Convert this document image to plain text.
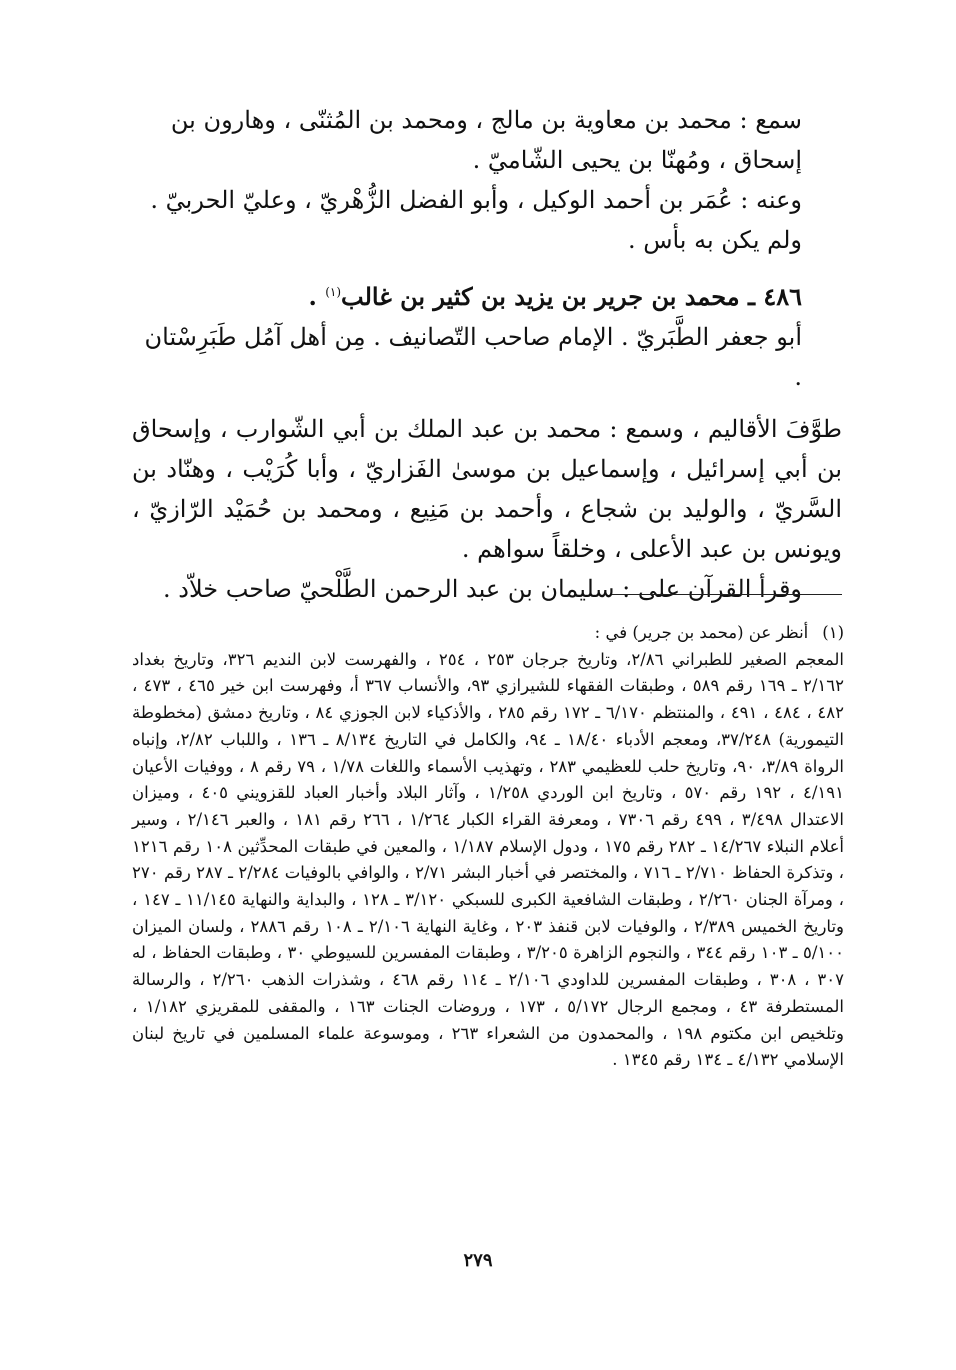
سمع : محمد بن معاوية بن مالج ، ومحمد بن المُثنّى ، وهارون بن إسحاق ، ومُهنّا بن يحيى الشّاميّ .

وعنه : عُمَر بن أحمد الوكيل ، وأبو الفضل الزُّهْريّ ، وعليّ الحربيّ .

ولم يكن به بأس .

٤٨٦ ـ محمد بن جرير بن يزيد بن كثير بن غالب$^{(١)}$ .

أبو جعفر الطَّبَريّ . الإمام صاحب التّصانيف . مِن أهل آمُل طَبَرِسْتان .

طوَّفَ الأقاليم ، وسمع : محمد بن عبد الملك بن أبي الشّوارب ، وإسحاق بن أبي إسرائيل ، وإسماعيل بن موسىٰ الفَزاريّ ، وأبا كُرَيْب ، وهنّاد بن السَّريّ ، والوليد بن شجاع ، وأحمد بن مَنِيع ، ومحمد بن حُمَيْد الرّازيّ ، ويونس بن عبد الأعلى ، وخلقاً سواهم .

وقرأ القرآن على : سليمان بن عبد الرحمن الطَّلْحيّ صاحب خلاّد .

(١)
أنظر عن (محمد بن جرير) في :

المعجم الصغير للطبراني ٢/٨٦، وتاريخ جرجان ٢٥٣ ، ٢٥٤ ، والفهرست لابن النديم ٣٢٦، وتاريخ بغداد ٢/١٦٢ ـ ١٦٩ رقم ٥٨٩ ، وطبقات الفقهاء للشيرازي ٩٣، والأنساب ٣٦٧ أ، وفهرست ابن خير ٤٦٥ ، ٤٧٣ ، ٤٨٢ ، ٤٨٤ ، ٤٩١ ، والمنتظم ٦/١٧٠ ـ ١٧٢ رقم ٢٨٥ ، والأذكياء لابن الجوزي ٨٤ ، وتاريخ دمشق (مخطوطة التيمورية) ٣٧/٢٤٨، ومعجم الأدباء ١٨/٤٠ ـ ٩٤، والكامل في التاريخ ٨/١٣٤ ـ ١٣٦ ، واللباب ٢/٨٢، وإنباه الرواة ٣/٨٩، ٩٠، وتاريخ حلب للعظيمي ٢٨٣ ، وتهذيب الأسماء واللغات ١/٧٨ ، ٧٩ رقم ٨ ، ووفيات الأعيان ٤/١٩١ ، ١٩٢ رقم ٥٧٠ ، وتاريخ ابن الوردي ١/٢٥٨ ، وآثار البلاد وأخبار العباد للقزويني ٤٠٥ ، وميزان الاعتدال ٣/٤٩٨ ، ٤٩٩ رقم ٧٣٠٦ ، ومعرفة القراء الكبار ١/٢٦٤ ، ٢٦٦ رقم ١٨١ ، والعبر ٢/١٤٦ ، وسير أعلام النبلاء ١٤/٢٦٧ ـ ٢٨٢ رقم ١٧٥ ، ودول الإسلام ١/١٨٧ ، والمعين في طبقات المحدِّثين ١٠٨ رقم ١٢١٦ ، وتذكرة الحفاظ ٢/٧١٠ ـ ٧١٦ ، والمختصر في أخبار البشر ٢/٧١ ، والوافي بالوفيات ٢/٢٨٤ ـ ٢٨٧ رقم ٢٧٠ ، ومرآة الجنان ٢/٢٦٠ ، وطبقات الشافعية الكبرى للسبكي ٣/١٢٠ ـ ١٢٨ ، والبداية والنهاية ١١/١٤٥ ـ ١٤٧ ، وتاريخ الخميس ٢/٣٨٩ ، والوفيات لابن قنفذ ٢٠٣ ، وغاية النهاية ٢/١٠٦ ـ ١٠٨ رقم ٢٨٨٦ ، ولسان الميزان ٥/١٠٠ ـ ١٠٣ رقم ٣٤٤ ، والنجوم الزاهرة ٣/٢٠٥ ، وطبقات المفسرين للسيوطي ٣٠ ، وطبقات الحفاظ ، له ٣٠٧ ، ٣٠٨ ، وطبقات المفسرين للداودي ٢/١٠٦ ـ ١١٤ رقم ٤٦٨ ، وشذرات الذهب ٢/٢٦٠ ، والرسالة المستطرفة ٤٣ ، ومجمع الرجال ٥/١٧٢ ، ١٧٣ ، وروضات الجنات ١٦٣ ، والمقفى للمقريزي ١/١٨٢ ، وتلخيص ابن مكتوم ١٩٨ ، والمحمدون من الشعراء ٢٦٣ ، وموسوعة علماء المسلمين في تاريخ لبنان الإسلامي ٤/١٣٢ ـ ١٣٤ رقم ١٣٤٥ .

٢٧٩
